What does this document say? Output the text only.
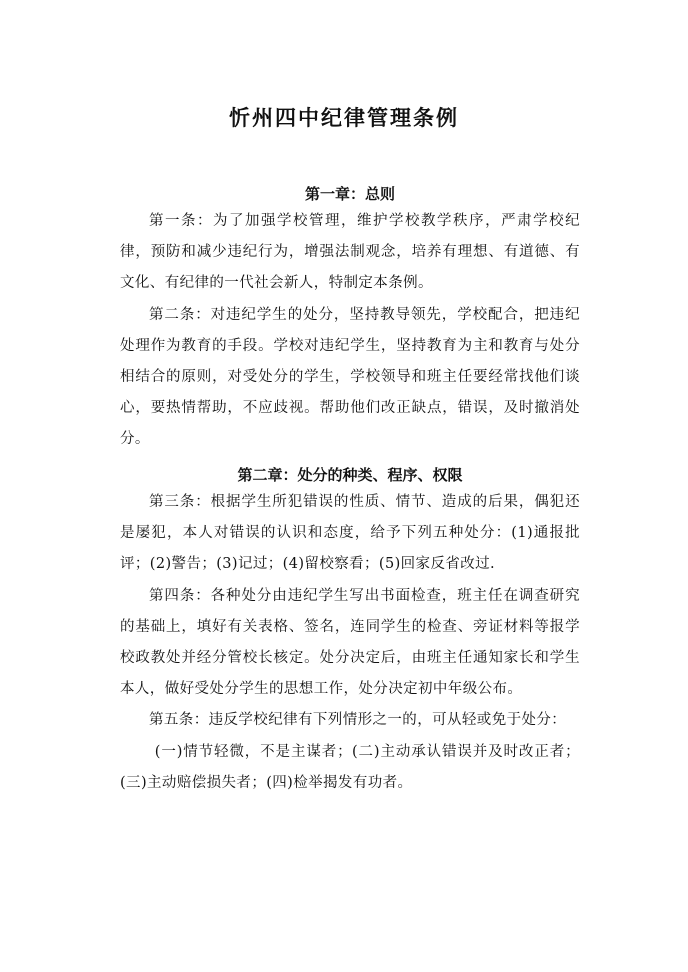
忻州四中纪律管理条例

第一章：总则

第一条：为了加强学校管理，维护学校教学秩序，严肃学校纪律，预防和减少违纪行为，增强法制观念，培养有理想、有道德、有文化、有纪律的一代社会新人，特制定本条例。

第二条：对违纪学生的处分，坚持教导领先，学校配合，把违纪处理作为教育的手段。学校对违纪学生，坚持教育为主和教育与处分相结合的原则，对受处分的学生，学校领导和班主任要经常找他们谈心，要热情帮助，不应歧视。帮助他们改正缺点，错误，及时撤消处分。

第二章：处分的种类、程序、权限

第三条：根据学生所犯错误的性质、情节、造成的后果，偶犯还是屡犯，本人对错误的认识和态度，给予下列五种处分：(1)通报批评；(2)警告；(3)记过；(4)留校察看；(5)回家反省改过.

第四条：各种处分由违纪学生写出书面检查，班主任在调查研究的基础上，填好有关表格、签名，连同学生的检查、旁证材料等报学校政教处并经分管校长核定。处分决定后，由班主任通知家长和学生本人，做好受处分学生的思想工作，处分决定初中年级公布。

第五条：违反学校纪律有下列情形之一的，可从轻或免于处分：

(一)情节轻微，不是主谋者；(二)主动承认错误并及时改正者；(三)主动赔偿损失者；(四)检举揭发有功者。
